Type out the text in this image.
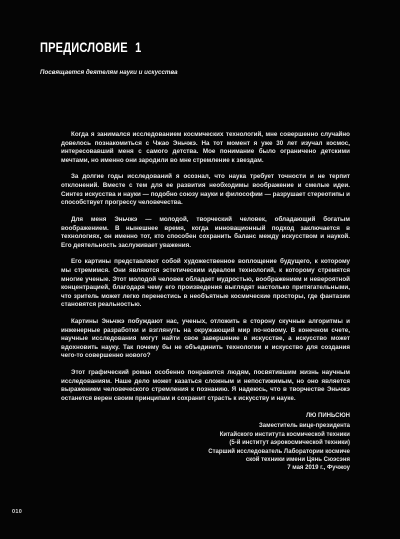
ПРЕДИСЛОВИЕ 1
Посвящается деятелям науки и искусства

Когда я занимался исследованием космических технологий, мне совершенно случайно довелось познакомиться с Чжао Эньчжэ. На тот момент я уже 30 лет изучал космос, интересовавший меня с самого детства. Мое понимание было ограничено детскими мечтами, но именно они зародили во мне стремление к звездам.

За долгие годы исследований я осознал, что наука требует точности и не терпит отклонений. Вместе с тем для ее развития необходимы воображение и смелые идеи. Синтез искусства и науки — подобно союзу науки и философии — разрушает стереотипы и способствует прогрессу человечества.

Для меня Эньчжэ — молодой, творческий человек, обладающий богатым воображением. В нынешнее время, когда инновационный подход заключается в технологиях, он именно тот, кто способен сохранить баланс между искусством и наукой. Его деятельность заслуживает уважения.

Его картины представляют собой художественное воплощение будущего, к которому мы стремимся. Они являются эстетическим идеалом технологий, к которому стремятся многие ученые. Этот молодой человек обладает мудростью, воображением и невероятной концентрацией, благодаря чему его произведения выглядят настолько притягательными, что зритель может легко перенестись в необъятные космические просторы, где фантазии становятся реальностью.

Картины Эньчжэ побуждают нас, ученых, отложить в сторону скучные алгоритмы и инженерные разработки и взглянуть на окружающий мир по-новому. В конечном счете, научные исследования могут найти свое завершение в искусстве, а искусство может вдохновить науку. Так почему бы не объединить технологии и искусство для создания чего-то совершенно нового?

Этот графический роман особенно понравится людям, посвятившим жизнь научным исследованиям. Наше дело может казаться сложным и непостижимым, но оно является выражением человеческого стремления к познанию. Я надеюсь, что в творчестве Эньчжэ останется верен своим принципам и сохранит страсть к искусству и науке.

ЛЮ ПИНЬСЮН
Заместитель вице-президента
Китайского института космической техники
(5-й институт аэрокосмической техники)
Старший исследователь Лаборатории космиче
ской техники имени Цянь Сюэсэня
7 мая 2019 г., Фучжоу
010
